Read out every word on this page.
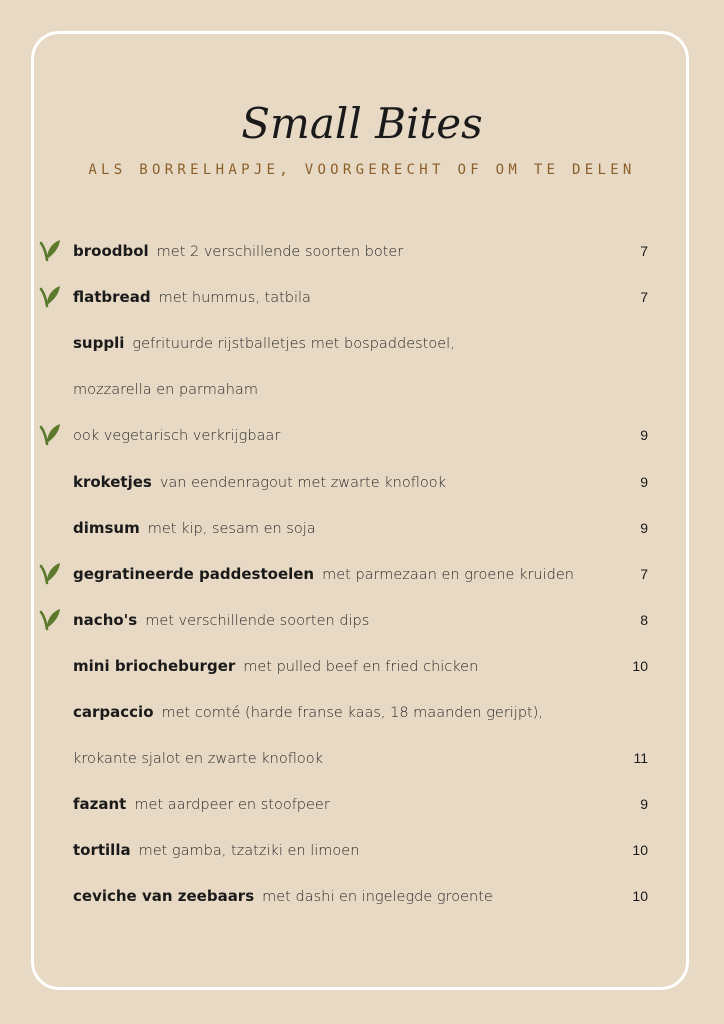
Small Bites
ALS BORRELHAPJE, VOORGERECHT OF OM TE DELEN
broodbol  met 2 verschillende soorten boter	7
flatbread  met hummus, tatbila	7
suppli  gefrituurde rijstballetjes met bospaddestoel,
mozzarella en parmaham
ook vegetarisch verkrijgbaar	9
kroketjes  van eendenragout met zwarte knoflook	9
dimsum  met kip, sesam en soja	9
gegratineerde paddestoelen  met parmezaan en groene kruiden	7
nacho's  met verschillende soorten dips	8
mini briocheburger  met pulled beef en fried chicken	10
carpaccio  met comté (harde franse kaas, 18 maanden gerijpt),
krokante sjalot en zwarte knoflook	11
fazant  met aardpeer en stoofpeer	9
tortilla  met gamba, tzatziki en limoen	10
ceviche van zeebaars  met dashi en ingelegde groente	10
